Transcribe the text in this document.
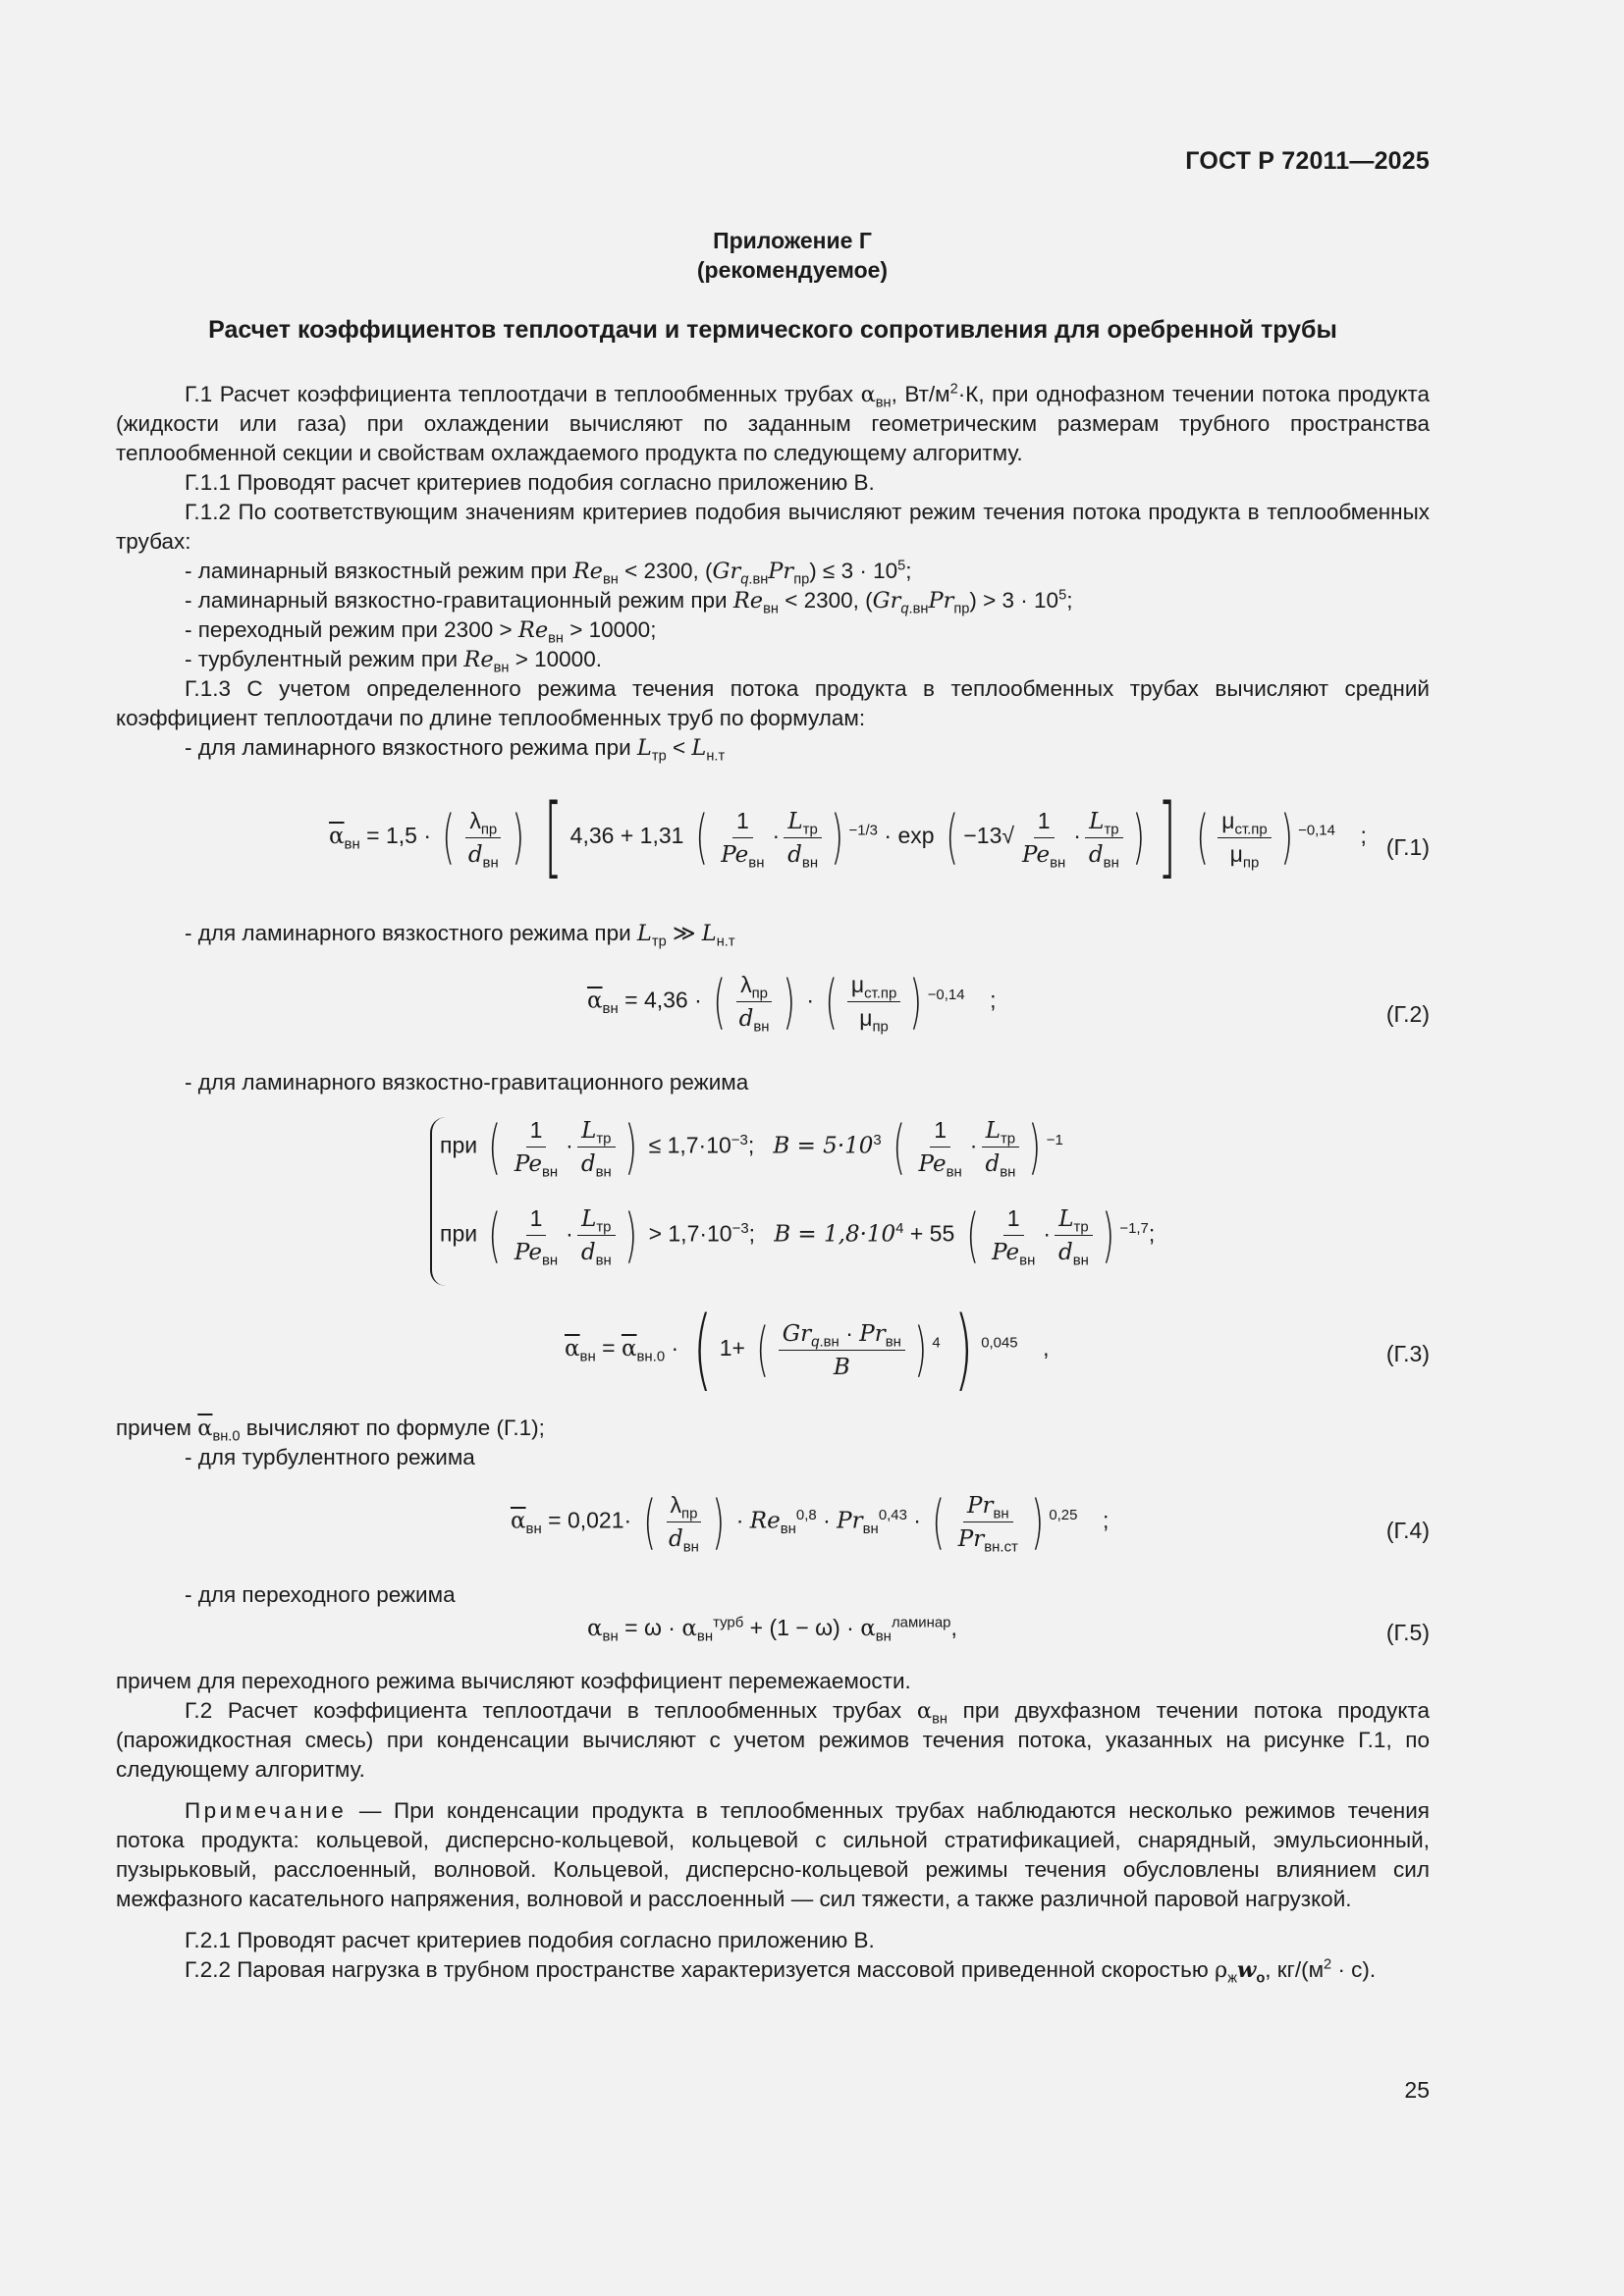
ГОСТ Р 72011—2025
Приложение Г
(рекомендуемое)
Расчет коэффициентов теплоотдачи и термического сопротивления для оребренной трубы

Г.1 Расчет коэффициента теплоотдачи в теплообменных трубах $\alpha_{вн}$, $Вт/м^2\cdot К$, при однофазном течении потока продукта (жидкости или газа) при охлаждении вычисляют по заданным геометрическим размерам трубного пространства теплообменной секции и свойствам охлаждаемого продукта по следующему алгоритму.

Г.1.1 Проводят расчет критериев подобия согласно приложению В.

Г.1.2 По соответствующим значениям критериев подобия вычисляют режим течения потока продукта в теплообменных трубах:

- ламинарный вязкостный режим при $Re_{вн} < 2300$, $(Gr_{q.вн}Pr_{пр}) \le 3 \cdot 10^5$;

- ламинарный вязкостно-гравитационный режим при $Re_{вн} < 2300$, $(Gr_{q.вн}Pr_{пр}) > 3 \cdot 10^5$;

- переходный режим при $2300 > Re_{вн} > 10000$;

- турбулентный режим при $Re_{вн} > 10000$.

Г.1.3 С учетом определенного режима течения потока продукта в теплообменных трубах вычисляют средний коэффициент теплоотдачи по длине теплообменных труб по формулам:

- для ламинарного вязкостного режима при $L_{тр} < L_{н.т}$

$\overline{\alpha}_{вн} = 1,5$ · ( $\frac{\lambda_{пр}}{d_{вн}}$ ) [ 4,36 + 1,31 ( $\frac{1}{Pe_{вн}} \cdot \frac{L_{тр}}{d_{вн}}$ ) $^{-1/3}$ · exp ( $-13√ \frac{1}{Pe_{вн}} \cdot \frac{L_{тр}}{d_{вн}}$ ) ] ( $\frac{\mu_{ст.пр}}{\mu_{пр}}$ ) $^{-0,14}$ ; (Г.1)

- для ламинарного вязкостного режима при $L_{тр}$ ≫ $L_{н.т}$

$\overline{\alpha}_{вн} = 4,36$ · ( $\frac{\lambda_{пр}}{d_{вн}}$ ) · ( $\frac{\mu_{ст.пр}}{\mu_{пр}}$ ) $^{-0,14}$ ;
(Г.2)

- для ламинарного вязкостно-гравитационного режима

при ( $\frac{1}{Pe_{вн}} \cdot \frac{L_{тр}}{d_{вн}}$ ) ≤ $1,7\cdot 10^{-3}$;   $B = 5\cdot 10^3$ ( $\frac{1}{Pe_{вн}} \cdot \frac{L_{тр}}{d_{вн}}$ ) $^{-1}$
при ( $\frac{1}{Pe_{вн}} \cdot \frac{L_{тр}}{d_{вн}}$ ) > $1,7\cdot 10^{-3}$;   $B = 1,8\cdot 10^4 + 55$ ( $\frac{1}{Pe_{вн}} \cdot \frac{L_{тр}}{d_{вн}}$ ) $^{-1,7}$;
$\overline{\alpha}_{вн} = \overline{\alpha}_{вн.0}$ · ( 1+ ( $\frac{Gr_{q.вн} \cdot Pr_{вн}}{B}$ ) $^4$ ) $^{0,045}$ ,	(Г.3)

причем $\overline{\alpha}_{вн.0}$ вычисляют по формуле (Г.1);

- для турбулентного режима

$\overline{\alpha}_{вн} = 0,021\cdot$ ( $\frac{\lambda_{пр}}{d_{вн}}$ ) · $Re_{вн}^{0,8} \cdot Pr_{вн}^{0,43}$ · ( $\frac{Pr_{вн}}{Pr_{вн.ст}}$ ) $^{0,25}$ ;	(Г.4)

- для переходного режима

$\alpha_{вн} = \omega \cdot \alpha_{вн}^{турб} + (1 - \omega) \cdot \alpha_{вн}^{ламинар}$,	(Г.5)

причем для переходного режима вычисляют коэффициент перемежаемости.

Г.2 Расчет коэффициента теплоотдачи в теплообменных трубах $\alpha_{вн}$ при двухфазном течении потока продукта (парожидкостная смесь) при конденсации вычисляют с учетом режимов течения потока, указанных на рисунке Г.1, по следующему алгоритму.

Примечание — При конденсации продукта в теплообменных трубах наблюдаются несколько режимов течения потока продукта: кольцевой, дисперсно-кольцевой, кольцевой с сильной стратификацией, снарядный, эмульсионный, пузырьковый, расслоенный, волновой. Кольцевой, дисперсно-кольцевой режимы течения обусловлены влиянием сил межфазного касательного напряжения, волновой и расслоенный — сил тяжести, а также различной паровой нагрузкой.

Г.2.1 Проводят расчет критериев подобия согласно приложению В.

Г.2.2 Паровая нагрузка в трубном пространстве характеризуется массовой приведенной скоростью $\rho_жw_o$, $кг/(м^2 \cdot с)$.

25
